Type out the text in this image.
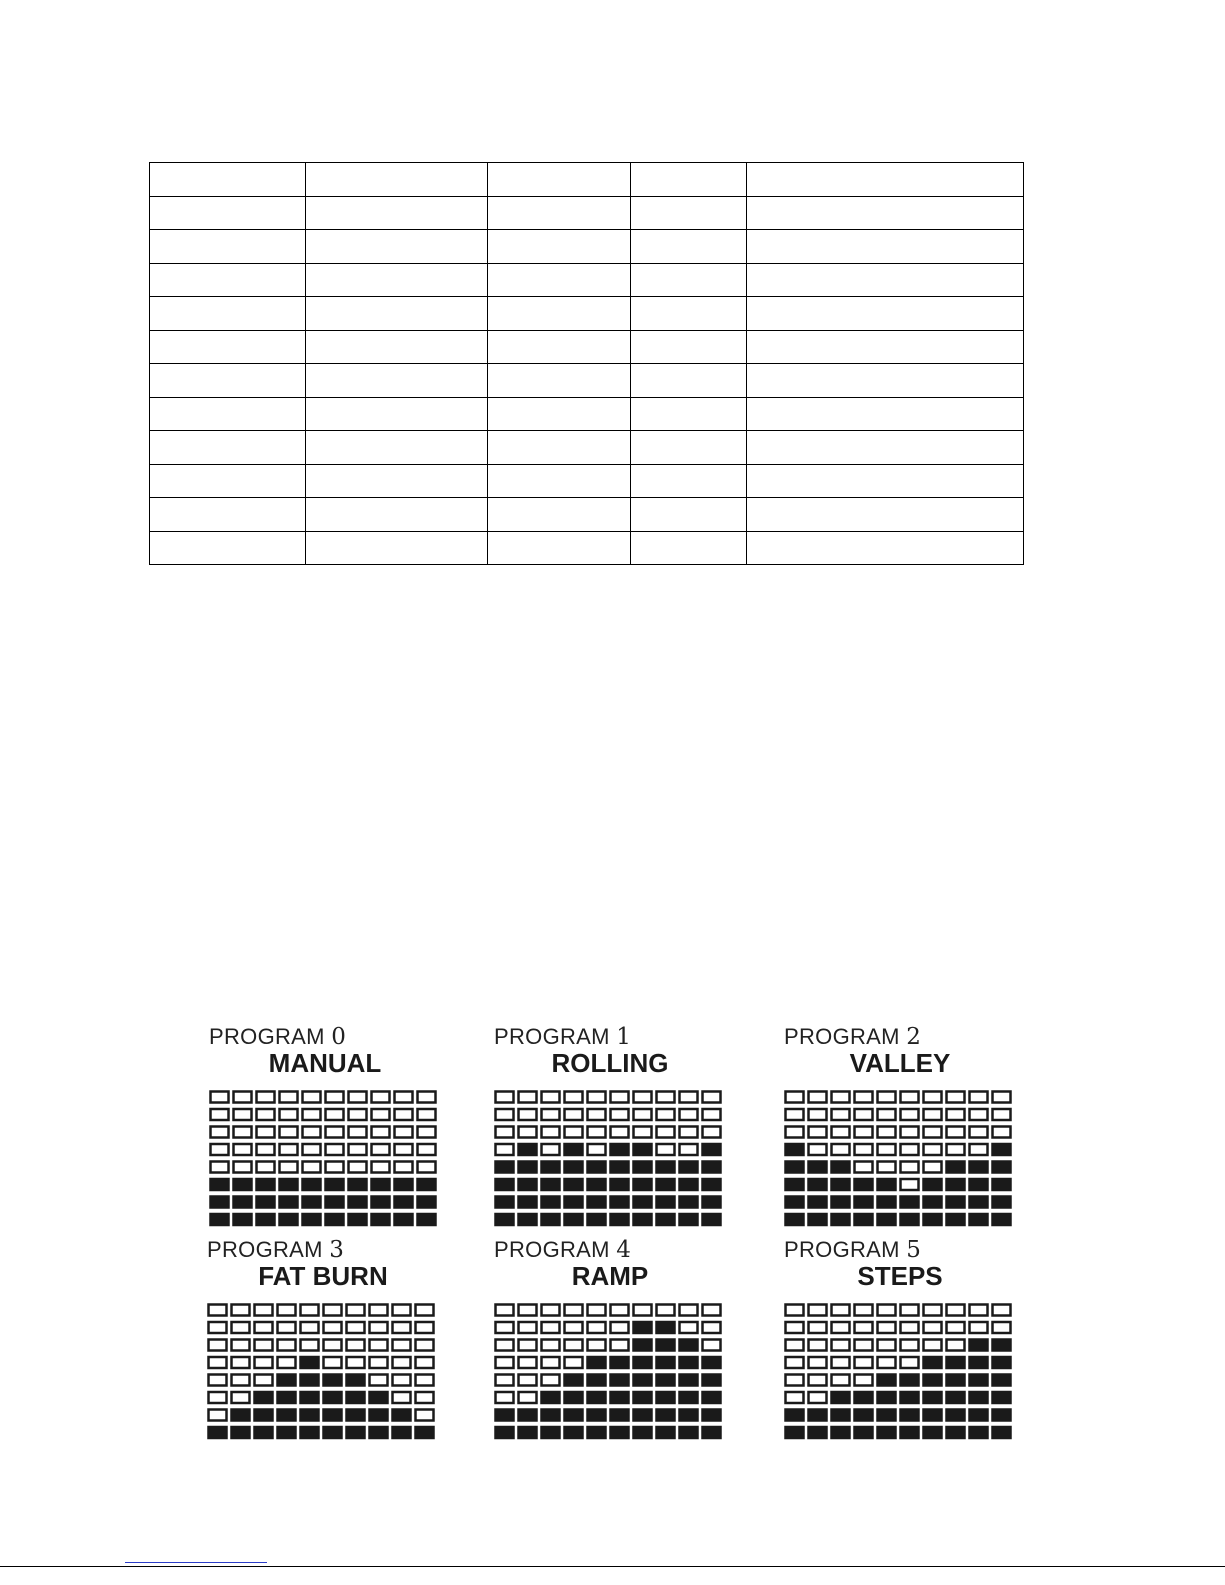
PROGRAM 0
MANUAL
PROGRAM 1
ROLLING
PROGRAM 2
VALLEY
PROGRAM 3
FAT BURN
PROGRAM 4
RAMP
PROGRAM 5
STEPS
